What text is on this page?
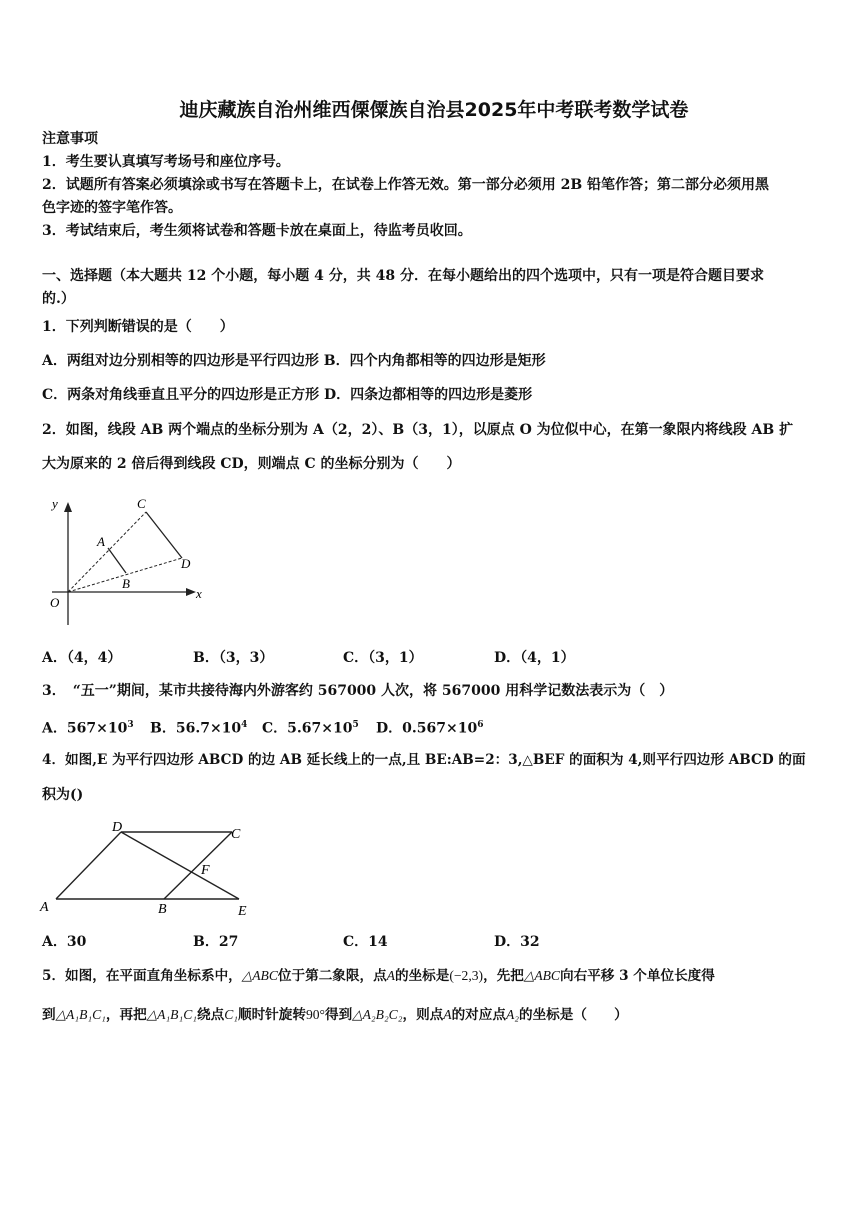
迪庆藏族自治州维西傈僳族自治县2025年中考联考数学试卷
注意事项
1．考生要认真填写考场号和座位序号。
2．试题所有答案必须填涂或书写在答题卡上，在试卷上作答无效。第一部分必须用 2B 铅笔作答；第二部分必须用黑
色字迹的签字笔作答。
3．考试结束后，考生须将试卷和答题卡放在桌面上，待监考员收回。
一、选择题（本大题共 12 个小题，每小题 4 分，共 48 分．在每小题给出的四个选项中，只有一项是符合题目要求
的.）
1．下列判断错误的是（　　）
A．两组对边分别相等的四边形是平行四边形 B．四个内角都相等的四边形是矩形
C．两条对角线垂直且平分的四边形是正方形 D．四条边都相等的四边形是菱形
2．如图，线段 AB 两个端点的坐标分别为 A（2，2）、B（3，1），以原点 O 为位似中心，在第一象限内将线段 AB 扩
大为原来的 2 倍后得到线段 CD，则端点 C 的坐标分别为（　　）
y
x
O
A
B
C
D
A．（4，4）	B．（3，3）	C．（3，1）	D．（4，1）
3．　“五一”期间，某市共接待海内外游客约 567000 人次，将 567000 用科学记数法表示为（　）
A．$567\times 10^3$ B．$56.7\times 10^4$ C．$5.67\times 10^5$ D．$0.567\times 10^6$
4．如图,E 为平行四边形 ABCD 的边 AB 延长线上的一点,且 BE:AB=2：3,△BEF 的面积为 4,则平行四边形 ABCD 的面
积为()
D	C
F
A	B	E
A．30	B．27	C．14	D．32
5．如图，在平面直角坐标系中，△ABC位于第二象限，点A的坐标是(−2,3)，先把△ABC向右平移 3 个单位长度得
到△A₁B₁C₁，再把△A₁B₁C₁绕点C₁顺时针旋转90°得到△A₂B₂C₂，则点A的对应点A₂的坐标是（　　）
